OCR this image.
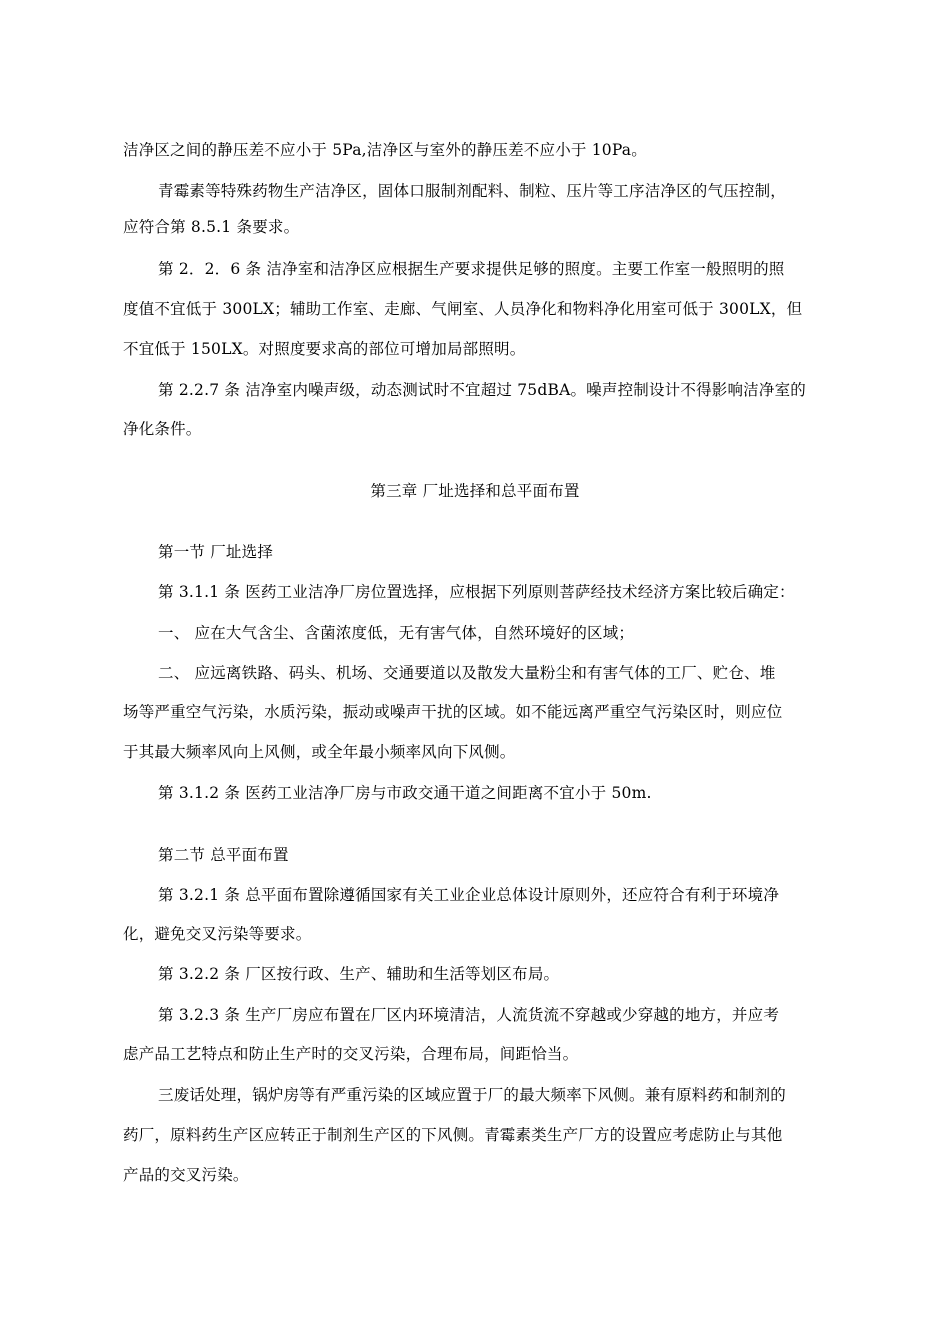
洁净区之间的静压差不应小于 5Pa,洁净区与室外的静压差不应小于 10Pa。
青霉素等特殊药物生产洁净区，固体口服制剂配料、制粒、压片等工序洁净区的气压控制，
应符合第 8.5.1 条要求。
第 2．2．6 条 洁净室和洁净区应根据生产要求提供足够的照度。主要工作室一般照明的照
度值不宜低于 300LX；辅助工作室、走廊、气闸室、人员净化和物料净化用室可低于 300LX，但
不宜低于 150LX。对照度要求高的部位可增加局部照明。
第 2.2.7 条 洁净室内噪声级，动态测试时不宜超过 75dBA。噪声控制设计不得影响洁净室的
净化条件。
第三章 厂址选择和总平面布置
第一节 厂址选择
第 3.1.1 条 医药工业洁净厂房位置选择，应根据下列原则菩萨经技术经济方案比较后确定：
一、 应在大气含尘、含菌浓度低，无有害气体，自然环境好的区域；
二、 应远离铁路、码头、机场、交通要道以及散发大量粉尘和有害气体的工厂、贮仓、堆
场等严重空气污染，水质污染，振动或噪声干扰的区域。如不能远离严重空气污染区时，则应位
于其最大频率风向上风侧，或全年最小频率风向下风侧。
第 3.1.2 条 医药工业洁净厂房与市政交通干道之间距离不宜小于 50m.
第二节 总平面布置
第 3.2.1 条 总平面布置除遵循国家有关工业企业总体设计原则外，还应符合有利于环境净
化，避免交叉污染等要求。
第 3.2.2 条 厂区按行政、生产、辅助和生活等划区布局。
第 3.2.3 条 生产厂房应布置在厂区内环境清洁，人流货流不穿越或少穿越的地方，并应考
虑产品工艺特点和防止生产时的交叉污染，合理布局，间距恰当。
三废话处理，锅炉房等有严重污染的区域应置于厂的最大频率下风侧。兼有原料药和制剂的
药厂，原料药生产区应转正于制剂生产区的下风侧。青霉素类生产厂方的设置应考虑防止与其他
产品的交叉污染。
